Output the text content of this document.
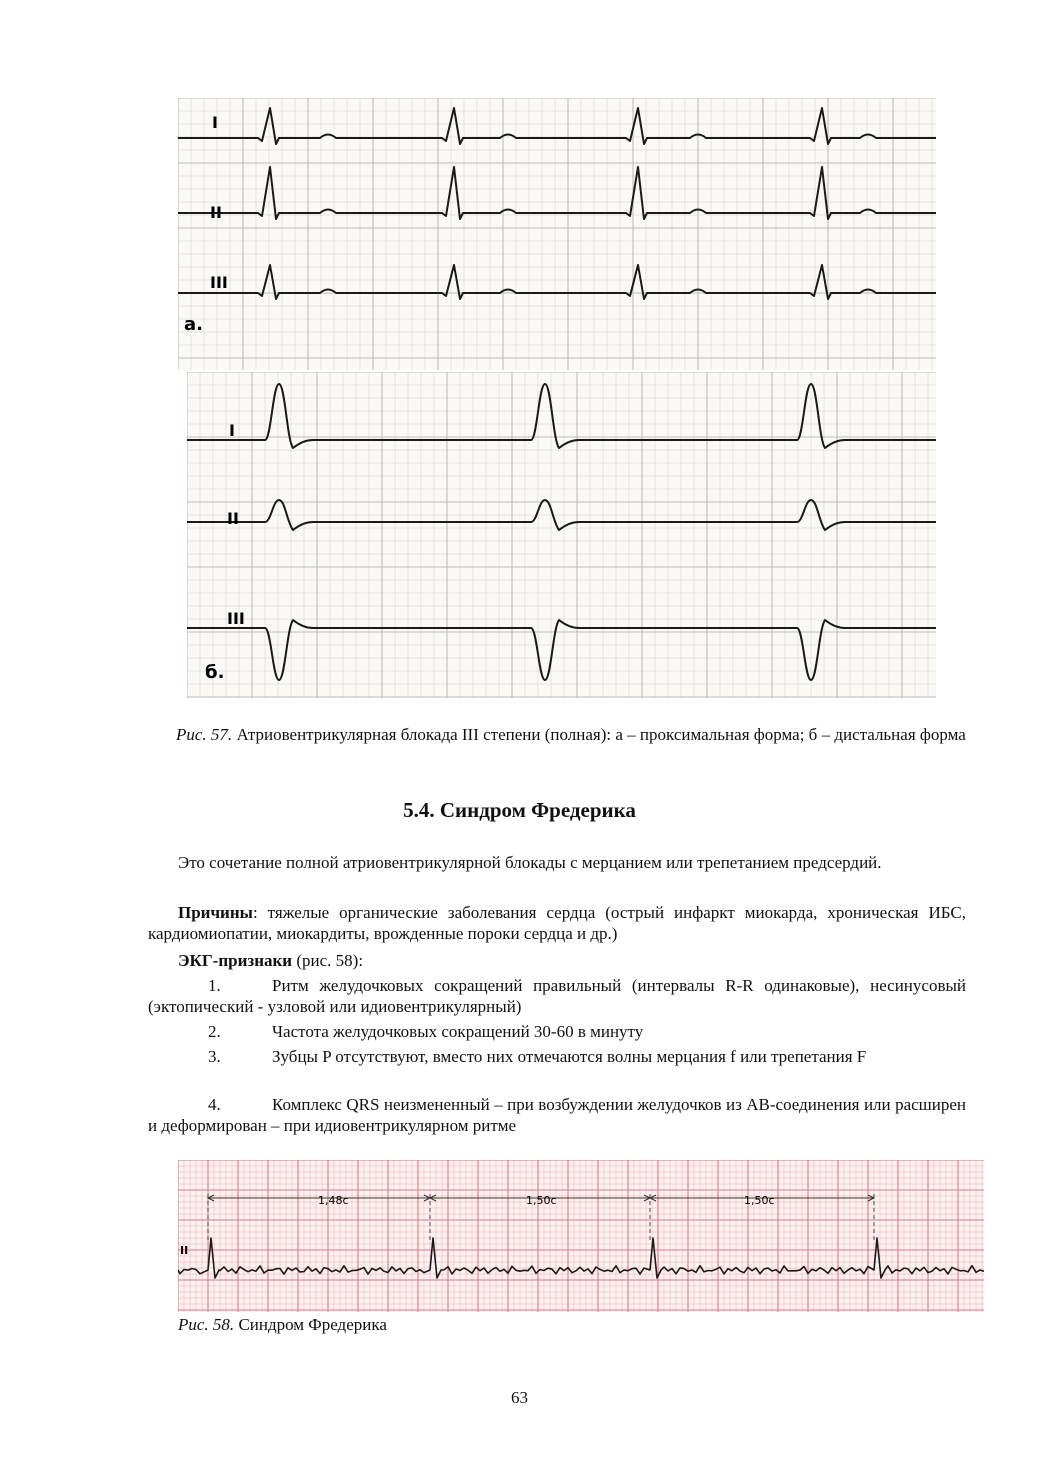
I
II
III
а.
I
II
III
б.
Рис. 57. Атриовентрикулярная блокада III степени (полная): а – проксимальная форма; б – дистальная форма
5.4. Синдром Фредерика
Это сочетание полной атриовентрикулярной блокады с мерцанием или трепетанием предсердий.
Причины: тяжелые органические заболевания сердца (острый инфаркт миокарда, хроническая ИБС, кардиомиопатии, миокардиты, врожденные пороки сердца и др.)
ЭКГ-признаки (рис. 58):
1.	Ритм желудочковых сокращений правильный (интервалы R-R одинаковые), несинусовый (эктопический - узловой или идиовентрикулярный)
2.	Частота желудочковых сокращений 30-60 в минуту
3.	Зубцы P отсутствуют, вместо них отмечаются волны мерцания f или трепетания F
4.	Комплекс QRS неизмененный – при возбуждении желудочков из АВ-соединения или расширен и деформирован – при идиовентрикулярном ритме
II
1,48с	1,50с	1,50с
Рис. 58. Синдром Фредерика
63
